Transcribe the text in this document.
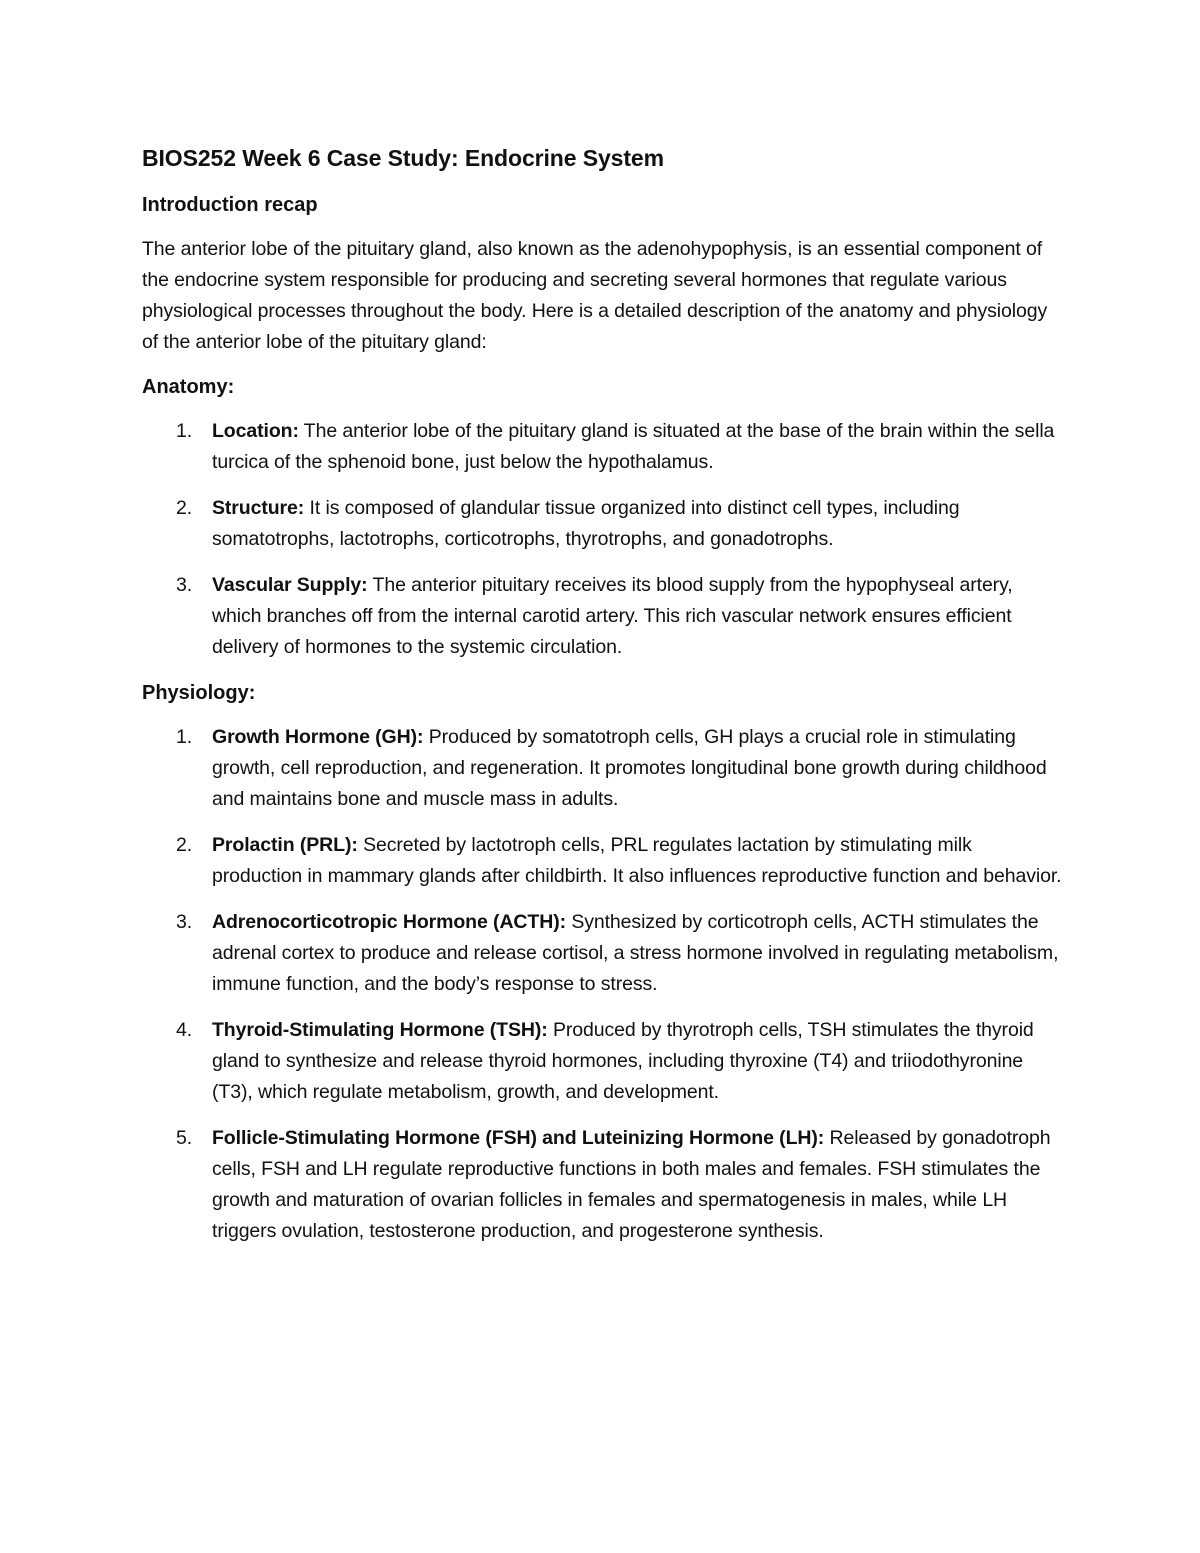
BIOS252 Week 6 Case Study: Endocrine System
Introduction recap

The anterior lobe of the pituitary gland, also known as the adenohypophysis, is an essential component of the endocrine system responsible for producing and secreting several hormones that regulate various physiological processes throughout the body. Here is a detailed description of the anatomy and physiology of the anterior lobe of the pituitary gland:

Anatomy:
1. Location: The anterior lobe of the pituitary gland is situated at the base of the brain within the sella turcica of the sphenoid bone, just below the hypothalamus.
2. Structure: It is composed of glandular tissue organized into distinct cell types, including somatotrophs, lactotrophs, corticotrophs, thyrotrophs, and gonadotrophs.
3. Vascular Supply: The anterior pituitary receives its blood supply from the hypophyseal artery, which branches off from the internal carotid artery. This rich vascular network ensures efficient delivery of hormones to the systemic circulation.
Physiology:
1. Growth Hormone (GH): Produced by somatotroph cells, GH plays a crucial role in stimulating growth, cell reproduction, and regeneration. It promotes longitudinal bone growth during childhood and maintains bone and muscle mass in adults.
2. Prolactin (PRL): Secreted by lactotroph cells, PRL regulates lactation by stimulating milk production in mammary glands after childbirth. It also influences reproductive function and behavior.
3. Adrenocorticotropic Hormone (ACTH): Synthesized by corticotroph cells, ACTH stimulates the adrenal cortex to produce and release cortisol, a stress hormone involved in regulating metabolism, immune function, and the body’s response to stress.
4. Thyroid-Stimulating Hormone (TSH): Produced by thyrotroph cells, TSH stimulates the thyroid gland to synthesize and release thyroid hormones, including thyroxine (T4) and triiodothyronine (T3), which regulate metabolism, growth, and development.
5. Follicle-Stimulating Hormone (FSH) and Luteinizing Hormone (LH): Released by gonadotroph cells, FSH and LH regulate reproductive functions in both males and females. FSH stimulates the growth and maturation of ovarian follicles in females and spermatogenesis in males, while LH triggers ovulation, testosterone production, and progesterone synthesis.
